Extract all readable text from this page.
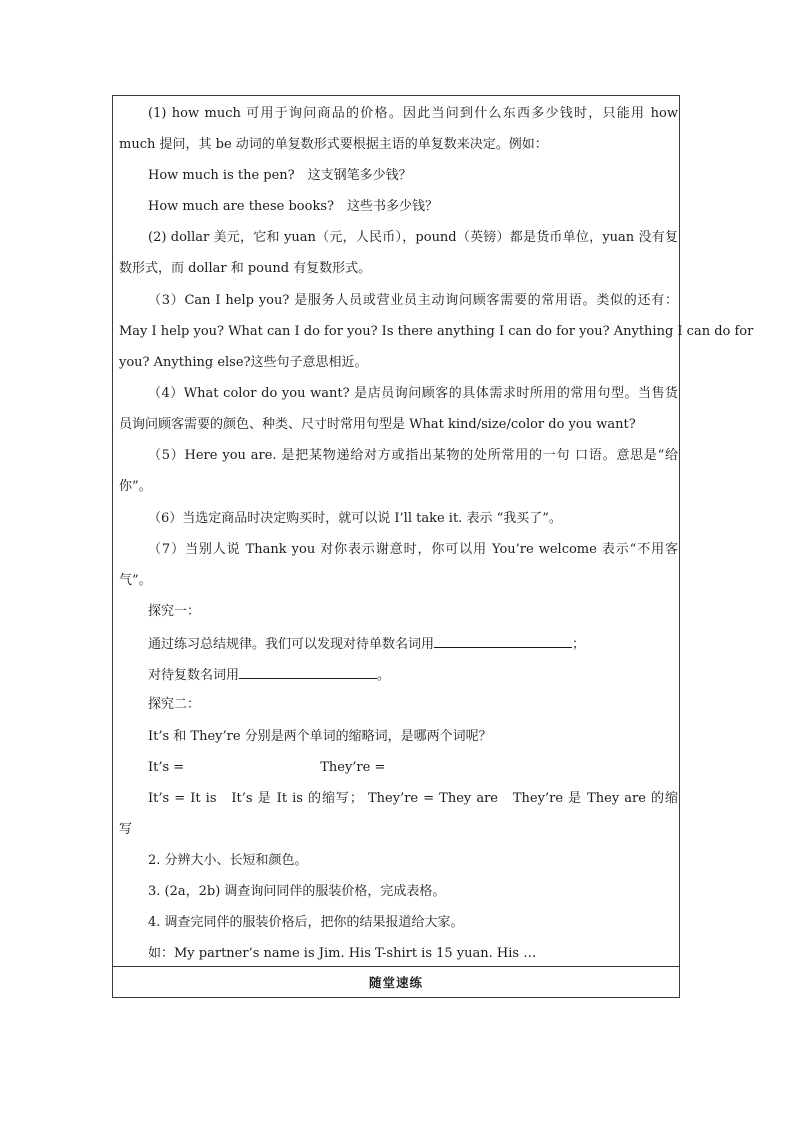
(1) how much 可用于询问商品的价格。因此当问到什么东西多少钱时，只能用 how
much 提问，其 be 动词的单复数形式要根据主语的单复数来决定。例如：
How much is the pen?　这支钢笔多少钱？
How much are these books?　这些书多少钱？
(2) dollar 美元，它和 yuan（元，人民币），pound（英镑）都是货币单位，yuan 没有复
数形式，而 dollar 和 pound 有复数形式。
（3）Can I help you? 是服务人员或营业员主动询问顾客需要的常用语。类似的还有：
May I help you? What can I do for you? Is there anything I can do for you? Anything I can do for
you? Anything else?这些句子意思相近。
（4）What color do you want? 是店员询问顾客的具体需求时所用的常用句型。当售货
员询问顾客需要的颜色、种类、尺寸时常用句型是 What kind/size/color do you want?
（5）Here you are. 是把某物递给对方或指出某物的处所常用的一句 口语。意思是“给
你”。
（6）当选定商品时决定购买时，就可以说 I’ll take it. 表示 “我买了”。
（7）当别人说 Thank you 对你表示谢意时，你可以用 You’re welcome 表示“不用客
气”。
探究一：
通过练习总结规律。我们可以发现对待单数名词用	；
对待复数名词用	。
探究二：
It’s 和 They’re 分别是两个单词的缩略词，是哪两个词呢？
It’s =	They’re =
It’s = It is　It’s 是 It is 的缩写； They’re = They are　They’re 是 They are 的缩
写
2. 分辨大小、长短和颜色。
3. (2a，2b) 调查询问同伴的服装价格，完成表格。
4. 调查完同伴的服装价格后，把你的结果报道给大家。
如：My partner’s name is Jim. His T-shirt is 15 yuan. His …
随堂速练
